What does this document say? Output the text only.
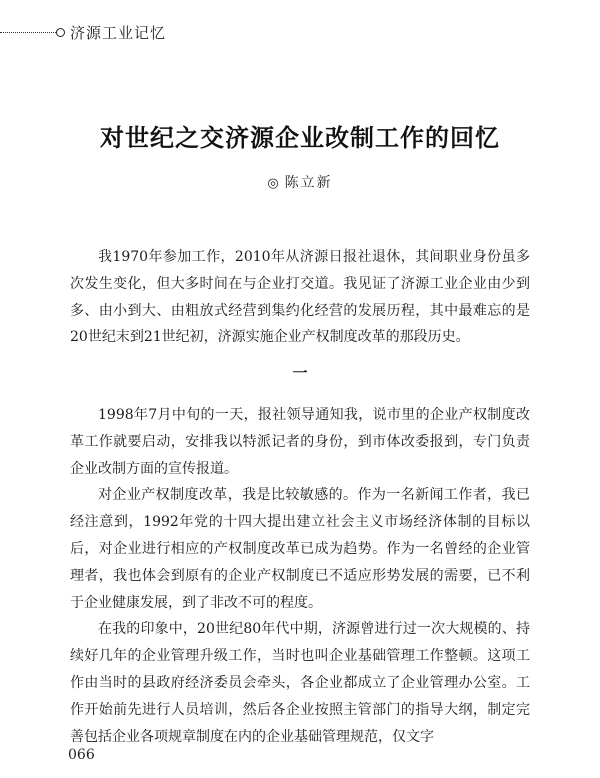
济源工业记忆
对世纪之交济源企业改制工作的回忆
◎ 陈立新

我1970年参加工作，2010年从济源日报社退休，其间职业身份虽多次发生变化，但大多时间在与企业打交道。我见证了济源工业企业由少到多、由小到大、由粗放式经营到集约化经营的发展历程，其中最难忘的是20世纪末到21世纪初，济源实施企业产权制度改革的那段历史。

一

1998年7月中旬的一天，报社领导通知我，说市里的企业产权制度改革工作就要启动，安排我以特派记者的身份，到市体改委报到，专门负责企业改制方面的宣传报道。

对企业产权制度改革，我是比较敏感的。作为一名新闻工作者，我已经注意到，1992年党的十四大提出建立社会主义市场经济体制的目标以后，对企业进行相应的产权制度改革已成为趋势。作为一名曾经的企业管理者，我也体会到原有的企业产权制度已不适应形势发展的需要，已不利于企业健康发展，到了非改不可的程度。

在我的印象中，20世纪80年代中期，济源曾进行过一次大规模的、持续好几年的企业管理升级工作，当时也叫企业基础管理工作整顿。这项工作由当时的县政府经济委员会牵头，各企业都成立了企业管理办公室。工作开始前先进行人员培训，然后各企业按照主管部门的指导大纲，制定完善包括企业各项规章制度在内的企业基础管理规范，仅文字

066
